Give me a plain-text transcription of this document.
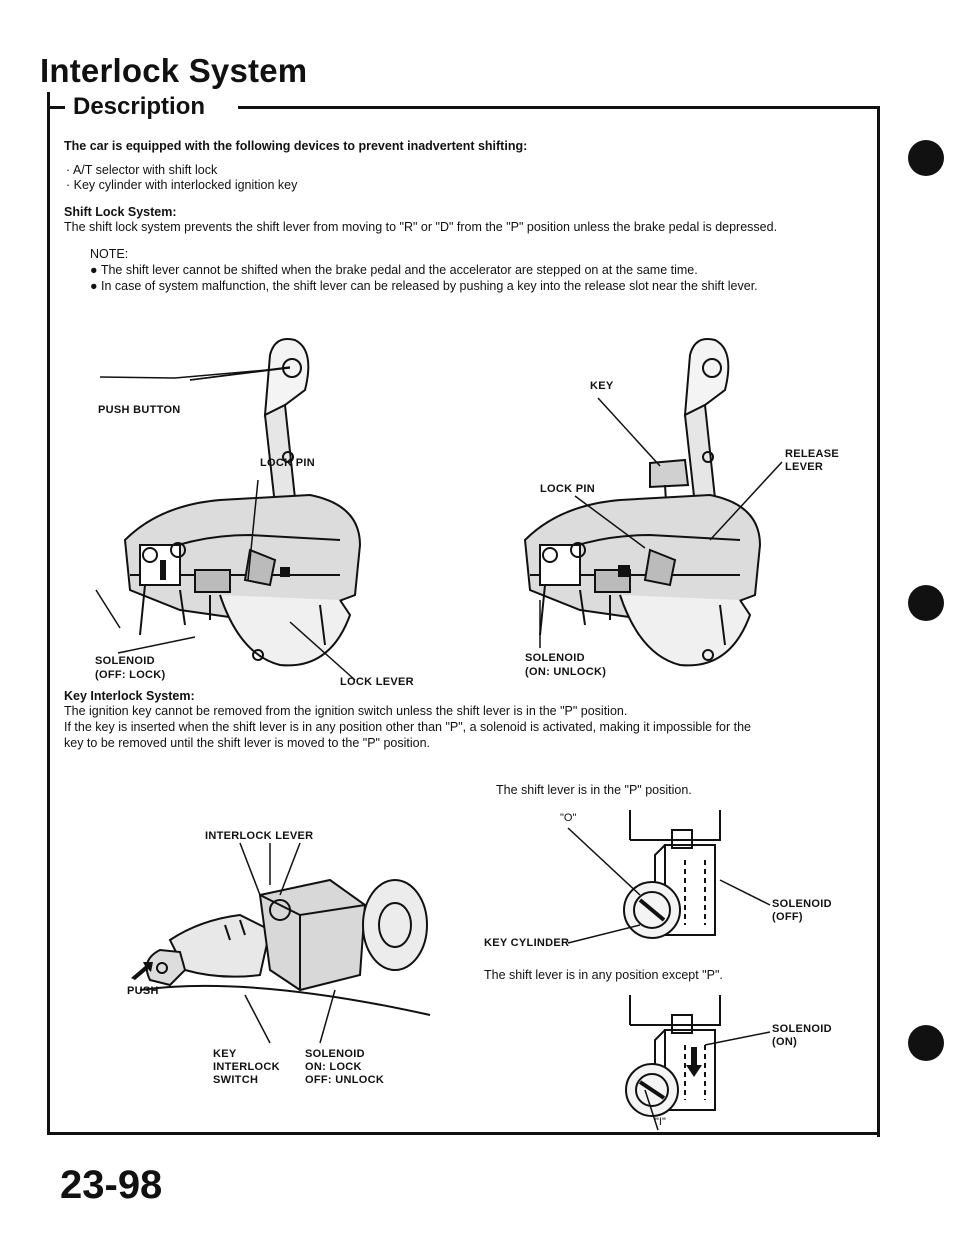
Interlock System
Description
The car is equipped with the following devices to prevent inadvertent shifting:
· A/T selector with shift lock
· Key cylinder with interlocked ignition key
Shift Lock System:
The shift lock system prevents the shift lever from moving to "R" or "D" from the "P" position unless the brake pedal is depressed.
NOTE:
● The shift lever cannot be shifted when the brake pedal and the accelerator are stepped on at the same time.
● In case of system malfunction, the shift lever can be released by pushing a key into the release slot near the shift lever.
PUSH BUTTON
LOCK PIN
SOLENOID
(OFF: LOCK)
LOCK LEVER
KEY
RELEASE
LEVER
LOCK PIN
SOLENOID
(ON: UNLOCK)
Key Interlock System:
The ignition key cannot be removed from the ignition switch unless the shift lever is in the "P" position.
If the key is inserted when the shift lever is in any position other than "P", a solenoid is activated, making it impossible for the
key to be removed until the shift lever is moved to the "P" position.
INTERLOCK LEVER
PUSH
KEY
INTERLOCK
SWITCH
SOLENOID
ON: LOCK
OFF: UNLOCK
The shift lever is in the "P" position.
"O"
SOLENOID
(OFF)
KEY CYLINDER
The shift lever is in any position except "P".
SOLENOID
(ON)
"I"
23-98
